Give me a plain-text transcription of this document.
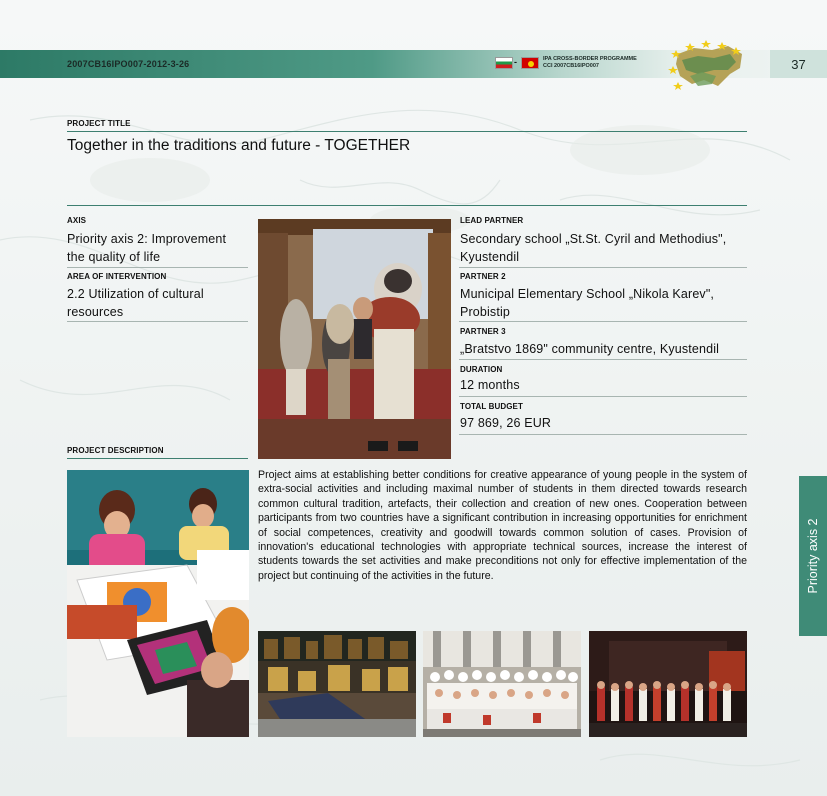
2007CB16IPO007-2012-3-26	-	IPA CROSS-BORDER PROGRAMME
CCI 2007CB16IPO007	37
PROJECT TITLE
Together in the traditions and future - TOGETHER
AXIS
Priority axis 2: Improvement the quality of life
AREA OF INTERVENTION
2.2 Utilization of cultural resources
LEAD PARTNER
Secondary school „St.St. Cyril and Methodius", Kyustendil
PARTNER 2
Municipal Elementary School „Nikola Karev", Probistip
PARTNER 3
„Bratstvo 1869" community centre, Kyustendil
DURATION
12 months
TOTAL BUDGET
97 869, 26 EUR
PROJECT DESCRIPTION
Project aims at establishing better conditions for creative appearance of young people in the system of extra-social activities and including maximal number of students in them directed towards research common cultural tradition, artefacts, their collection and creation of new ones. Cooperation between participants from two countries have a significant contribution in increasing opportunities for enrichment of social competences, creativity and goodwill towards common solution of cases. Provision of innovation's educational technologies with appropriate technical sources, increase the interest of students towards the set activities and make preconditions not only for effective implementation of the project but continuing of the activities in the future.	Priority axis 2
